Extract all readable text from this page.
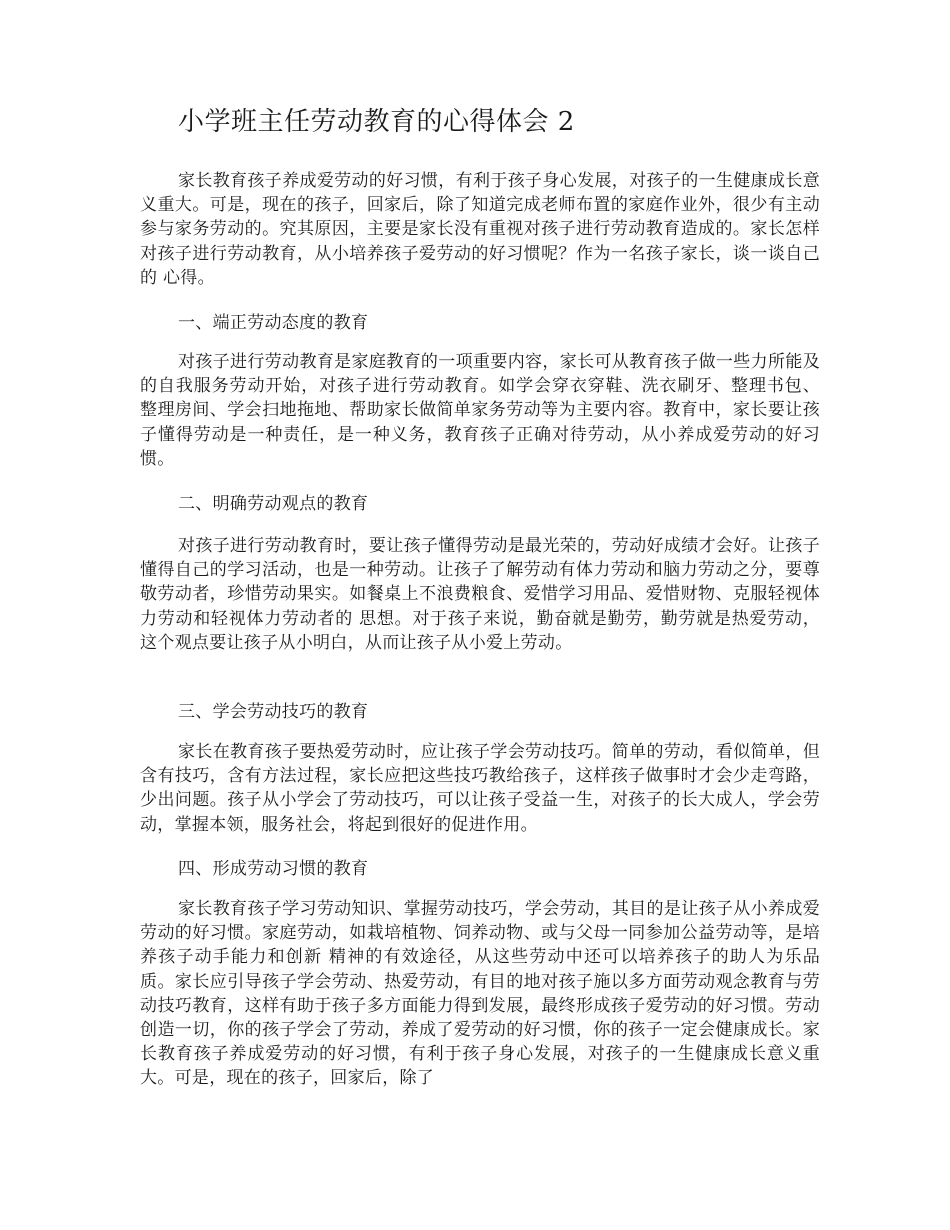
小学班主任劳动教育的心得体会 2

家长教育孩子养成爱劳动的好习惯，有利于孩子身心发展，对孩子的一生健康成长意义重大。可是，现在的孩子，回家后，除了知道完成老师布置的家庭作业外，很少有主动参与家务劳动的。究其原因，主要是家长没有重视对孩子进行劳动教育造成的。家长怎样对孩子进行劳动教育，从小培养孩子爱劳动的好习惯呢？作为一名孩子家长，谈一谈自己的 心得。

一、端正劳动态度的教育

对孩子进行劳动教育是家庭教育的一项重要内容，家长可从教育孩子做一些力所能及的自我服务劳动开始，对孩子进行劳动教育。如学会穿衣穿鞋、洗衣刷牙、整理书包、 整理房间、学会扫地拖地、帮助家长做简单家务劳动等为主要内容。教育中，家长要让孩子懂得劳动是一种责任，是一种义务，教育孩子正确对待劳动，从小养成爱劳动的好习惯。

二、明确劳动观点的教育

对孩子进行劳动教育时，要让孩子懂得劳动是最光荣的，劳动好成绩才会好。让孩子懂得自己的学习活动，也是一种劳动。让孩子了解劳动有体力劳动和脑力劳动之分，要尊敬劳动者，珍惜劳动果实。如餐桌上不浪费粮食、爱惜学习用品、爱惜财物、克服轻视体力劳动和轻视体力劳动者的 思想。对于孩子来说，勤奋就是勤劳，勤劳就是热爱劳动，这个观点要让孩子从小明白，从而让孩子从小爱上劳动。

三、学会劳动技巧的教育

家长在教育孩子要热爱劳动时，应让孩子学会劳动技巧。简单的劳动，看似简单，但含有技巧，含有方法过程，家长应把这些技巧教给孩子，这样孩子做事时才会少走弯路，少出问题。孩子从小学会了劳动技巧，可以让孩子受益一生，对孩子的长大成人，学会劳动，掌握本领，服务社会，将起到很好的促进作用。

四、形成劳动习惯的教育

家长教育孩子学习劳动知识、掌握劳动技巧，学会劳动，其目的是让孩子从小养成爱劳动的好习惯。家庭劳动，如栽培植物、饲养动物、或与父母一同参加公益劳动等，是培养孩子动手能力和创新 精神的有效途径，从这些劳动中还可以培养孩子的助人为乐品质。家长应引导孩子学会劳动、热爱劳动，有目的地对孩子施以多方面劳动观念教育与劳动技巧教育，这样有助于孩子多方面能力得到发展，最终形成孩子爱劳动的好习惯。劳动创造一切，你的孩子学会了劳动，养成了爱劳动的好习惯，你的孩子一定会健康成长。家长教育孩子养成爱劳动的好习惯，有利于孩子身心发展，对孩子的一生健康成长意义重大。可是，现在的孩子，回家后，除了
